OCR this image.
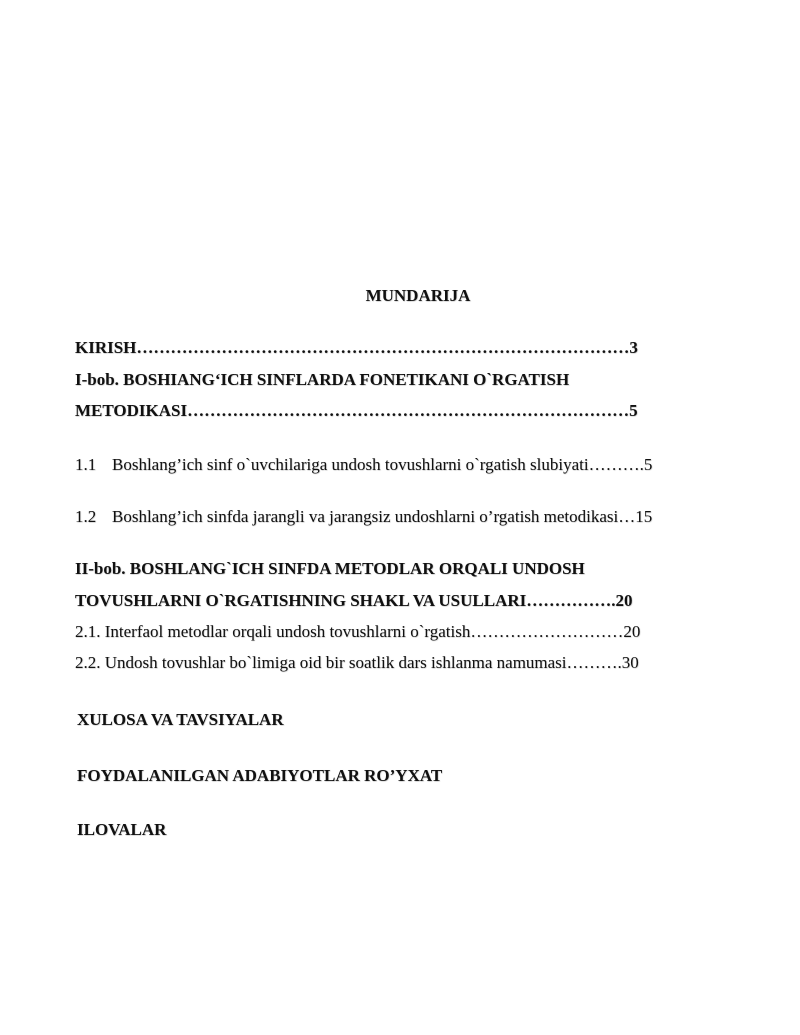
MUNDARIJA
KIRISH……………………………………………………………………………3
I-bob. BOSHIANG‘ICH SINFLARDA FONETIKANI O`RGATISH
METODIKASI……………………………………………………………………5
1.1 Boshlang’ich sinf o`uvchilariga undosh tovushlarni o`rgatish slubiyati……….5
1.2 Boshlang’ich sinfda jarangli va jarangsiz undoshlarni o’rgatish metodikasi…15
II-bob. BOSHLANG`ICH SINFDA METODLAR ORQALI UNDOSH
TOVUSHLARNI O`RGATISHNING SHAKL VA USULLARI…………….20
2.1. Interfaol metodlar orqali undosh tovushlarni o`rgatish………………………20
2.2. Undosh tovushlar bo`limiga oid bir soatlik dars ishlanma namumasi……….30
XULOSA VA TAVSIYALAR
FOYDALANILGAN ADABIYOTLAR RO’YXAT
ILOVALAR
